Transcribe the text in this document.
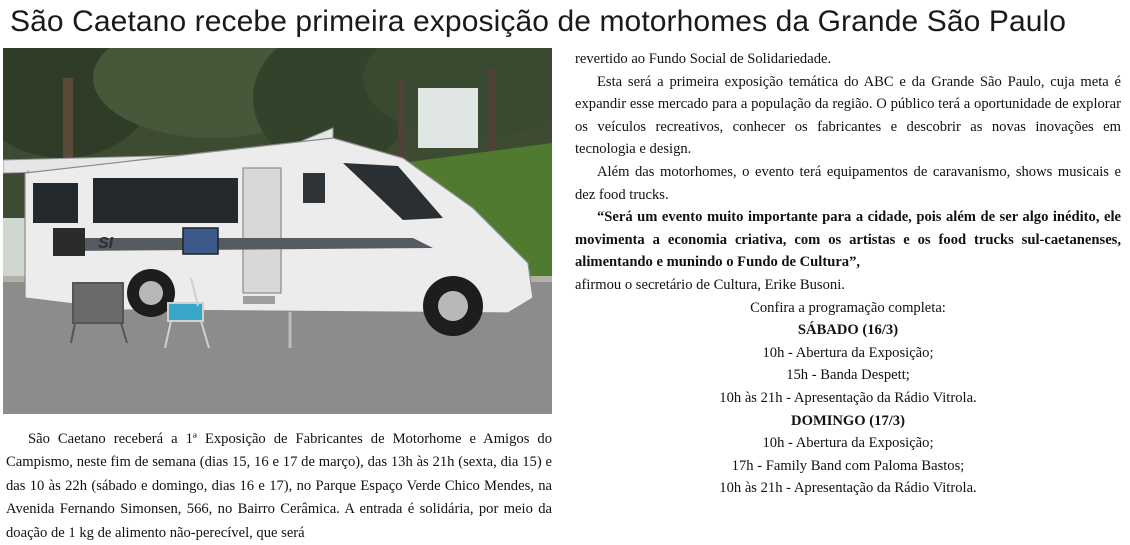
São Caetano recebe primeira exposição de motorhomes da Grande São Paulo
SI

São Caetano receberá a 1ª Exposição de Fabricantes de Motorhome e Amigos do Campismo, neste fim de semana (dias 15, 16 e 17 de março), das 13h às 21h (sexta, dia 15) e das 10 às 22h (sábado e domingo, dias 16 e 17), no Parque Espaço Verde Chico Mendes, na Avenida Fernando Simonsen, 566, no Bairro Cerâmica. A entrada é solidária, por meio da doação de 1 kg de alimento não-perecível, que será

revertido ao Fundo Social de Solidariedade.

Esta será a primeira exposição temática do ABC e da Grande São Paulo, cuja meta é expandir esse mercado para a população da região. O público terá a oportunidade de explorar os veículos recreativos, conhecer os fabricantes e descobrir as novas inovações em tecnologia e design.

Além das motorhomes, o evento terá equipamentos de caravanismo, shows musicais e dez food trucks.

“Será um evento muito importante para a cidade, pois além de ser algo inédito, ele movimenta a economia criativa, com os artistas e os food trucks sul-caetanenses, alimentando e munindo o Fundo de Cultura”,

afirmou o secretário de Cultura, Erike Busoni.

Confira a programação completa:

SÁBADO (16/3)

10h - Abertura da Exposição;

15h - Banda Despett;

10h às 21h - Apresentação da Rádio Vitrola.

DOMINGO (17/3)

10h - Abertura da Exposição;

17h - Family Band com Paloma Bastos;

10h às 21h - Apresentação da Rádio Vitrola.
